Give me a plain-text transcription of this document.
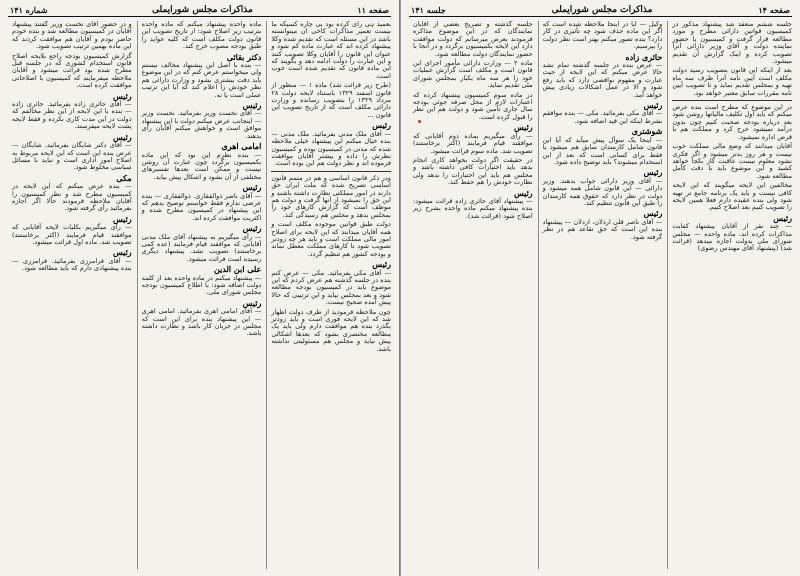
صفحه ۱۱
مذاکرات مجلس شورایملی
شماره ۱۴۱

بعمید ہی رای کرده بود بی چاره کسیکه ما بیست تعمیر مذاکرات کاخی ان میتوانسته باشد در این مسئله است که تقدیم شده وکلا پیشنهاد کرده اند که عبارت ماده کم شود و عنوان این قانون را آقایان وکلا تصویب کنند و این عبارت را دولت ادامه دهد و بگویند که این ماده قانون که تقدیم شده است خوب است.

(طرح زیر قرائت شد) ماده ۱ — منظور از قانون اسفند ۱۳۲۹ باستناد لایحه دولت ۲۸ مرداد ۱۳۲۹ را بتصویب رسانده و وزارت دارائی مکلف است که از تاریخ تصویب این قانون ...

رئیس

— آقای ملک مدنی بفرمائید. ملک مدنی — بنده خیال میکنم این پیشنهاد خیلی ملاحظه شده که مدتی در کمیسیون بوده و کمیسیون نظرش را داده و بیشتر آقایان موافقت فرموده اند و نظر دولت هم این بوده است.

ودر ذکر قانون اساسی و هم در متمم قانون اساسی تصریح شده که ملت ایران حق دارند در امور مملکتی نظارت داشته باشند و این حق را نمیشود از آنها گرفت و دولت هم موظف است که گزارش کارهای خود را بمجلس بدهد و مجلس هم رسیدگی کند.

دولت طبق قوانین موجوده مکلف است و همه آقایان میدانند که این لایحه برای اصلاح امور مالی مملکت است و باید هر چه زودتر تصویب شود تا کارهای مملکت معطل نماند و بودجه کشور هم تنظیم گردد.

رئیس

— آقای مکی بفرمائید. مکی — عرض کنم بنده در جلسه گذشته هم عرض کردم که این موضوع باید در کمیسیون بودجه مطالعه شود و بعد بمجلس بیاید و این ترتیبی که حالا پیش آمده صحیح نیست.

چون ملاحظه فرمودید از طرف دولت اظهار شد که این لایحه فوری است و باید زودتر بگذرد بنده هم موافقت دارم ولی باید یک مطالعه مختصری بشود که بعدها اشکالی پیش نیاید و مجلس هم مسئولیتی نداشته باشد.

ماده واحده پیشنهاد میکنم که ماده واحده بترتیب زیر اصلاح شود: از تاریخ تصویب این قانون دولت مکلف است که کلیه عواید را طبق بودجه مصوب خرج کند.

دکتر بقائی

— بنده با اصل این پیشنهاد مخالف نیستم ولی میخواستم عرض کنم که در این موضوع باید دقت بیشتری بشود و وزارت دارائی هم نظر خودش را اعلام کند که آیا این ترتیب عملی است یا نه.

رئیس

— آقای نخست وزیر بفرمائید. نخست وزیر — اینجانب عرض میکنم دولت با این پیشنهاد موافق است و خواهش میکنم آقایان رأی بدهند.

امامی اهری

— بنده نظرم این بود که این ماده بکمیسیون برگردد چون عبارت آن روشن نیست و ممکن است بعدها تفسیرهای مختلفی از آن بشود و اشکال پیش بیاید.

رئیس

— آقای ناصر ذوالفقاری. ذوالفقاری — بنده عرضی ندارم فقط خواستم توضیح بدهم که این پیشنهاد در کمیسیون مطرح شده و اکثریت موافقت کرده اند.

رئیس

— رأی میگیریم به پیشنهاد آقای ملک مدنی آقایانی که موافقند قیام فرمایند (عده کمی برخاستند) تصویب نشد. پیشنهاد دیگری رسیده است قرائت میشود.

علی ابن الدین

— پیشنهاد میکنم در ماده واحده بعد از کلمه دولت اضافه شود: با اطلاع کمیسیون بودجه مجلس شورای ملی.

رئیس

— آقای امامی اهری بفرمائید. امامی اهری — این پیشنهاد بنده برای این است که مجلس در جریان کار باشد و نظارت داشته باشد.

و در حضور آقای نخست وزیر گفتند پیشنهاد آقایان در کمیسیون مطالعه شد و بنده خودم حاضر بودم و آقایان هم موافقت کردند که این ماده بهمین ترتیب تصویب شود.

گزارش کمیسیون بودجه راجع بلایحه اصلاح قانون استخدام کشوری که در جلسه قبل مطرح شده بود قرائت میشود و آقایان ملاحظه میفرمایند که کمیسیون با اصلاحاتی موافقت کرده است.

رئیس

— آقای حائری زاده بفرمائید. حائری زاده — بنده با این لایحه از این نظر مخالفم که دولت در این مدت کاری نکرده و فقط لایحه پشت لایحه میفرستد.

رئیس

— آقای دکتر شایگان بفرمائید. شایگان — عرض بنده این است که این لایحه مربوط به اصلاح امور اداری است و نباید با مسائل سیاسی مخلوط شود.

مکی

— بنده عرض میکنم که این لایحه در کمیسیون مطرح شد و نظر کمیسیون را آقایان ملاحظه فرمودند حالا اگر اجازه بفرمائید رأی گرفته شود.

رئیس

— رأی میگیریم بکلیات لایحه آقایانی که موافقند قیام فرمایند (اکثر برخاستند) تصویب شد. ماده اول قرائت میشود.

رئیس

— آقای فرامرزی بفرمائید. فرامرزی — بنده پیشنهادی دارم که باید مطالعه شود.

صفحه ۱۴
مذاکرات مجلس شورایملی
جلسه ۱۴۱

جلسه ششم منعقد شد پیشنهاد مذکور در کمیسیون قوانین دارائی مطرح و مورد مطالعه قرار گرفت و کمیسیون با حضور نماینده دولت و آقای وزیر دارائی آنرا تصویب کرده و اینک گزارش آن تقدیم میشود.

بعد از اینکه این قانون بتصویب رسید دولت مکلف است آیین نامه آنرا ظرف سه ماه تهیه و بمجلس تقدیم نماید و تا تصویب آیین نامه مقررات سابق معتبر خواهد بود.

در این موضوع که مطرح است بنده عرض میکنم که باید اول تکلیف مالیاتها روشن شود بعد درباره بودجه صحبت کنیم چون بدون درآمد نمیشود خرج کرد و مملکت هم با قرض اداره نمیشود.

آقایان میدانند که وضع مالی مملکت خوب نیست و هر روز بدتر میشود و اگر فکری نشود معلوم نیست عاقبت کار بکجا خواهد کشید و این موضوع باید با دقت کامل مطالعه شود.

مخالفین این لایحه میگویند که این لایحه کافی نیست و باید یک برنامه جامع تر تهیه شود ولی بنده عقیده دارم فعلا همین لایحه را تصویب کنیم بعد اصلاح کنیم.

رئیس

— چند نفر از آقایان پیشنهاد کفایت مذاکرات کرده اند. ماده واحده — مجلس شورای ملی بدولت اجازه میدهد (قرائت شد) (پیشنهاد آقای مهندس رضوی)

وکیل — آیا در اینجا ملاحظه شده است که اگر این ماده حذف شود چه تأثیری در کار دارد؟ بنده تصور میکنم بهتر است نظر دولت را بپرسیم.

حائری زاده

— عرض بنده در جلسه گذشته تمام نشد حالا عرض میکنم که این لایحه از حیث عبارت و مفهوم نواقصی دارد که باید رفع شود و الا در عمل اشکالات زیادی پیش خواهد آمد.

رئیس

— آقای مکی بفرمائید. مکی — بنده موافقم بشرط اینکه این قید اضافه شود.

شوشتری

— اینجا یک سوأل پیش میآید که آیا این قانون شامل کارمندان سابق هم میشود یا فقط برای کسانی است که بعد از این استخدام میشوند؟ باید توضیح داده شود.

رئیس

— آقای وزیر دارائی جواب بدهند. وزیر دارائی — این قانون شامل همه میشود و دولت در نظر دارد که حقوق همه کارمندان را طبق این قانون تنظیم کند.

رئیس

— آقای ناصر قلی اردلان. اردلان — پیشنهاد بنده این است که حق تقاعد هم در نظر گرفته شود.

جلسه گذشته و تصریح بعضی از آقایان نمایندگان که در این موضوع مذاکره فرمودند بعرض میرسانم که دولت موافقت دارد این لایحه بکمیسیون برگردد و در آنجا با حضور نمایندگان دولت مطالعه شود.

ماده ۲ — وزارت دارائی مأمور اجرای این قانون است و مکلف است گزارش عملیات خود را هر سه ماه یکبار بمجلس شورای ملی تقدیم نماید.

در ماده سوم کمیسیون پیشنهاد کرده که اعتبارات لازم از محل صرفه جوئی بودجه سال جاری تأمین شود و دولت هم این نظر را قبول کرده است.

رئیس

— رأی میگیریم بماده دوم آقایانی که موافقند قیام فرمایند (اکثر برخاستند) تصویب شد. ماده سوم قرائت میشود.

در حقیقت اگر دولت بخواهد کاری انجام بدهد باید اختیارات کافی داشته باشد و مجلس هم باید این اختیارات را بدهد ولی نظارت خودش را هم حفظ کند.

رئیس

— پیشنهاد آقای حائری زاده قرائت میشود: بنده پیشنهاد میکنم ماده واحده بشرح زیر اصلاح شود (قرائت شد).
